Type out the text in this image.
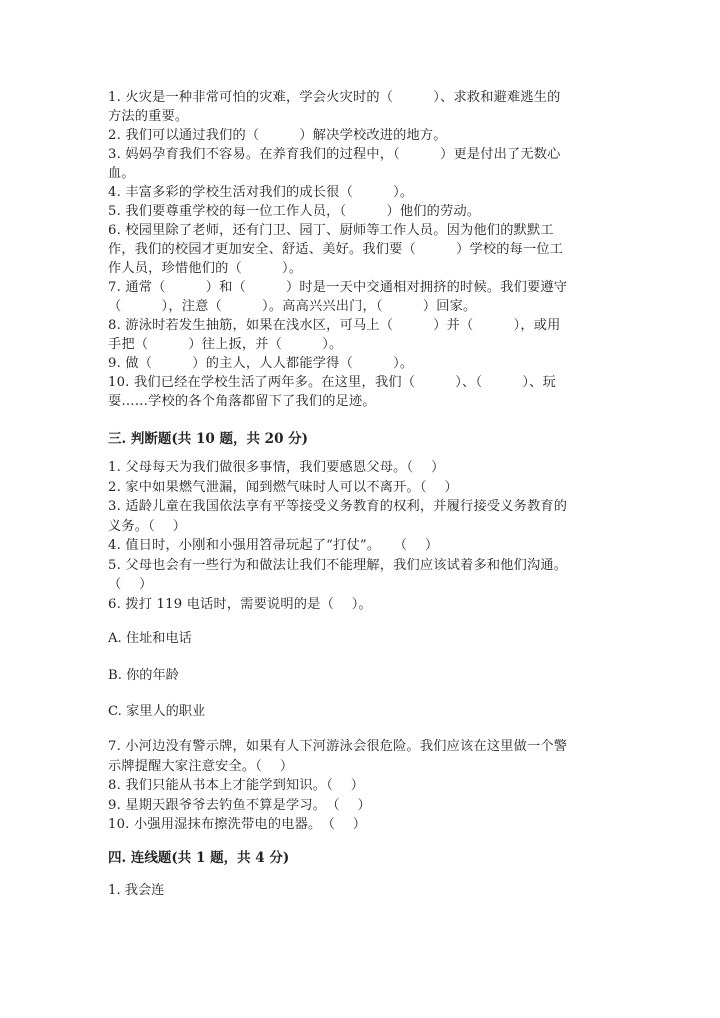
1. 火灾是一种非常可怕的灾难，学会火灾时的（　　　）、求救和避难逃生的
方法的重要。
2. 我们可以通过我们的（　　　）解决学校改进的地方。
3. 妈妈孕育我们不容易。在养育我们的过程中，（　　　）更是付出了无数心
血。
4. 丰富多彩的学校生活对我们的成长很（　　　）。
5. 我们要尊重学校的每一位工作人员，（　　　）他们的劳动。
6. 校园里除了老师，还有门卫、园丁、厨师等工作人员。因为他们的默默工
作，我们的校园才更加安全、舒适、美好。我们要（　　　）学校的每一位工
作人员，珍惜他们的（　　　）。
7. 通常（　　　）和（　　　）时是一天中交通相对拥挤的时候。我们要遵守
（　　　），注意（　　　）。高高兴兴出门，（　　　）回家。
8. 游泳时若发生抽筋，如果在浅水区，可马上（　　　）并（　　　），或用
手把（　　　）往上扳，并（　　　）。
9. 做（　　　）的主人，人人都能学得（　　　）。
10. 我们已经在学校生活了两年多。在这里，我们（　　　）、（　　　）、玩
耍……学校的各个角落都留下了我们的足迹。
三. 判断题(共 10 题，共 20 分)
1. 父母每天为我们做很多事情，我们要感恩父母。（　 ）
2. 家中如果燃气泄漏，闻到燃气味时人可以不离开。（　 ）
3. 适龄儿童在我国依法享有平等接受义务教育的权利，并履行接受义务教育的
义务。（　 ）
4. 值日时，小刚和小强用笤帚玩起了“打仗”。　　（　 ）
5. 父母也会有一些行为和做法让我们不能理解，我们应该试着多和他们沟通。
（　 ）
6. 拨打 119 电话时，需要说明的是（　 ）。
A. 住址和电话
B. 你的年龄
C. 家里人的职业
7. 小河边没有警示牌，如果有人下河游泳会很危险。我们应该在这里做一个警
示牌提醒大家注意安全。（　 ）
8. 我们只能从书本上才能学到知识。（　 ）
9. 星期天跟爷爷去钓鱼不算是学习。　（　 ）
10. 小强用湿抹布擦洗带电的电器。　（　 ）
四. 连线题(共 1 题，共 4 分)
1. 我会连
